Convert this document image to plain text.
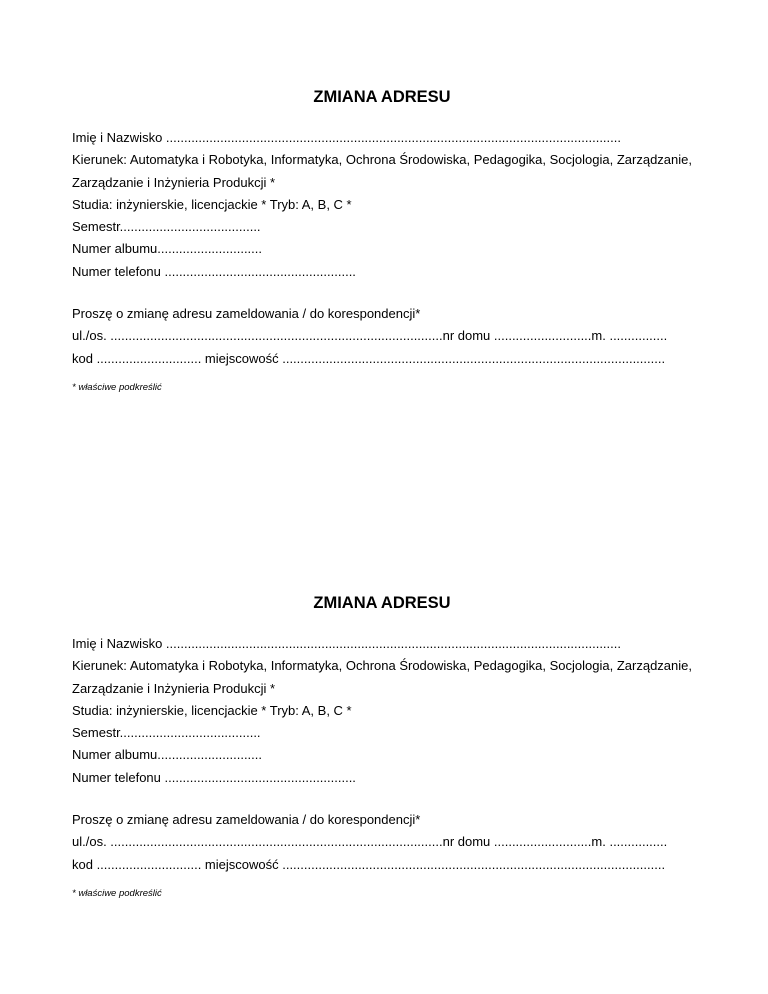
ZMIANA ADRESU
Imię i Nazwisko ..............................................................................................................................
Kierunek: Automatyka i Robotyka, Informatyka, Ochrona Środowiska, Pedagogika, Socjologia, Zarządzanie,
Zarządzanie i Inżynieria Produkcji *
Studia: inżynierskie, licencjackie * Tryb: A, B, C *
Semestr.......................................
Numer albumu.............................
Numer telefonu .....................................................
Proszę o zmianę adresu zameldowania / do korespondencji*
ul./os. ............................................................................................nr domu ...........................m. ................
kod ............................. miejscowość ..........................................................................................................
* właściwe podkreślić
ZMIANA ADRESU
Imię i Nazwisko ..............................................................................................................................
Kierunek: Automatyka i Robotyka, Informatyka, Ochrona Środowiska, Pedagogika, Socjologia, Zarządzanie,
Zarządzanie i Inżynieria Produkcji *
Studia: inżynierskie, licencjackie * Tryb: A, B, C *
Semestr.......................................
Numer albumu.............................
Numer telefonu .....................................................
Proszę o zmianę adresu zameldowania / do korespondencji*
ul./os. ............................................................................................nr domu ...........................m. ................
kod ............................. miejscowość ..........................................................................................................
* właściwe podkreślić
